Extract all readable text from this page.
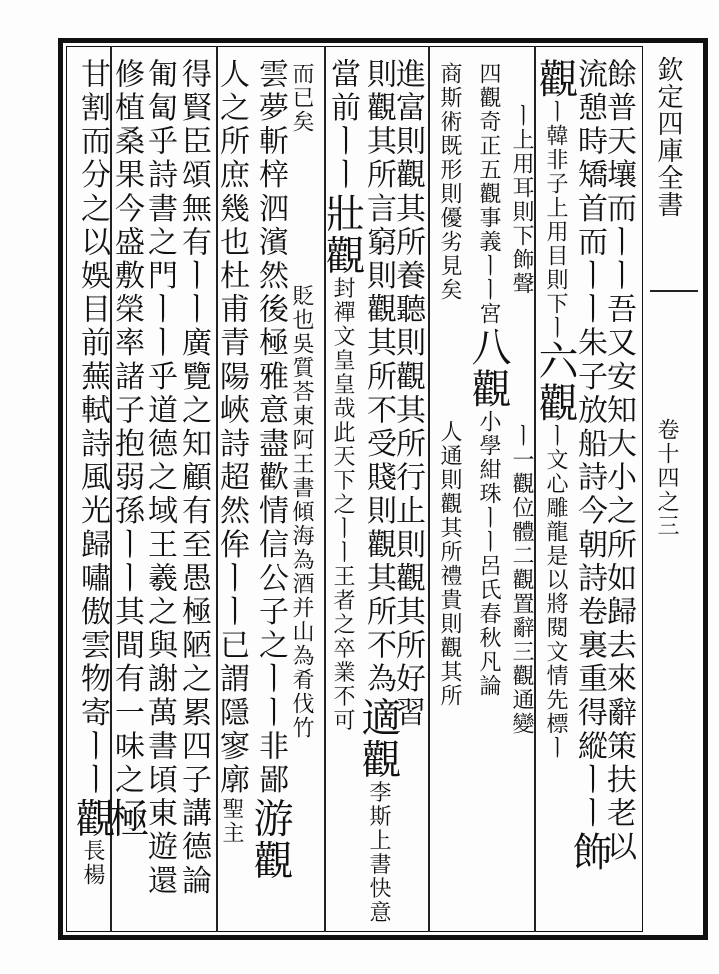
欽定四庫全書
卷十四之三
餘普天壤而ㅣㅣ吾又安知大小之所如歸去來辭策扶老以
流憩時矯首而ㅣㅣ朱子放船詩今朝詩卷裏重得縱ㅣㅣ飾
觀ㅣ韓非子上用目則下ㅣ六觀ㅣ文心雕龍是以將閱文情先標ㅣ
ㅣ上用耳則下飾聲ㅣ一觀位體二觀置辭三觀通變
四觀奇正五觀事義ㅣㅣ宮八觀小學紺珠ㅣㅣ呂氏春秋凡論
商斯術既形則優劣見矣人通則觀其所禮貴則觀其所
進富則觀其所養聽則觀其所行止則觀其所好習
則觀其所言窮則觀其所不受賤則觀其所不為適觀李斯上書快意
當前ㅣㅣ壯觀封禪文皇皇哉此天下之ㅣㅣ王者之卒業不可
而已矣貶也吳質荅東阿王書傾海為酒并山為肴伐竹
雲夢斬梓泗濱然後極雅意盡歡情信公子之ㅣㅣ非鄙游觀
人之所庶幾也杜甫青陽峽詩超然侔ㅣㅣ已謂隱寥廓聖主
得賢臣頌無有ㅣㅣ廣覽之知顧有至愚極陋之累四子講德論
匍匐乎詩書之門ㅣㅣ乎道德之域王羲之與謝萬書頃東遊還
修植桑果今盛敷榮率諸子抱弱孫ㅣㅣ其間有一味之極
甘割而分之以娛目前蕪軾詩風光歸嘯傲雲物寄ㅣㅣ觀長楊
